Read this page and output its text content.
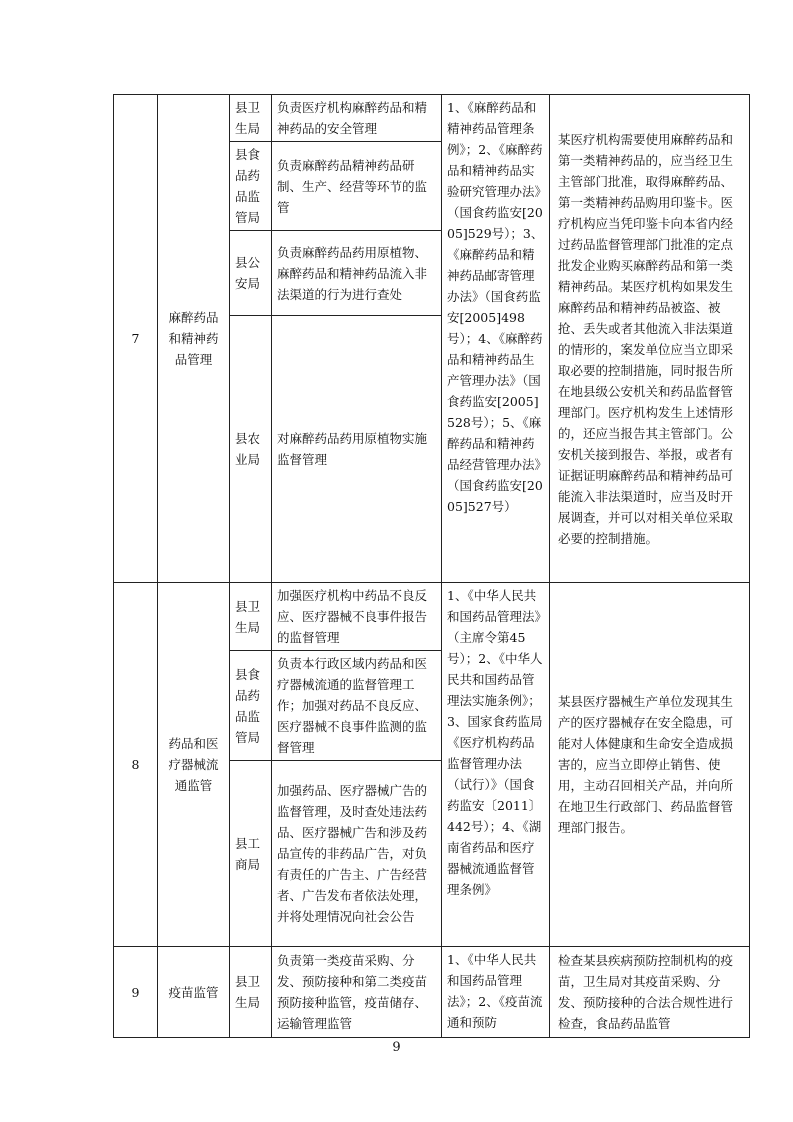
7	麻醉药品和精神药品管理	县卫生局	负责医疗机构麻醉药品和精神药品的安全管理	1、《麻醉药品和精神药品管理条例》；2、《麻醉药品和精神药品实验研究管理办法》（国食药监安[2005]529号）；3、《麻醉药品和精神药品邮寄管理办法》（国食药监安[2005]498号）；4、《麻醉药品和精神药品生产管理办法》（国食药监安[2005]528号）；5、《麻醉药品和精神药品经营管理办法》（国食药监安[2005]527号）	某医疗机构需要使用麻醉药品和第一类精神药品的，应当经卫生主管部门批准，取得麻醉药品、第一类精神药品购用印鉴卡。医疗机构应当凭印鉴卡向本省内经过药品监督管理部门批准的定点批发企业购买麻醉药品和第一类精神药品。某医疗机构如果发生麻醉药品和精神药品被盗、被抢、丢失或者其他流入非法渠道的情形的，案发单位应当立即采取必要的控制措施，同时报告所在地县级公安机关和药品监督管理部门。医疗机构发生上述情形的，还应当报告其主管部门。公安机关接到报告、举报，或者有证据证明麻醉药品和精神药品可能流入非法渠道时，应当及时开展调查，并可以对相关单位采取必要的控制措施。
		县食品药品监管局	负责麻醉药品精神药品研制、生产、经营等环节的监管		
		县公安局	负责麻醉药品药用原植物、麻醉药品和精神药品流入非法渠道的行为进行查处		
		县农业局	对麻醉药品药用原植物实施监督管理		
8	药品和医疗器械流通监管	县卫生局	加强医疗机构中药品不良反应、医疗器械不良事件报告的监督管理	1、《中华人民共和国药品管理法》（主席令第45号）；2、《中华人民共和国药品管理法实施条例》；3、国家食药监局《医疗机构药品监督管理办法（试行）》（国食药监安〔2011〕442号）；4、《湖南省药品和医疗器械流通监督管理条例》	某县医疗器械生产单位发现其生产的医疗器械存在安全隐患，可能对人体健康和生命安全造成损害的，应当立即停止销售、使用，主动召回相关产品，并向所在地卫生行政部门、药品监督管理部门报告。
		县食品药品监管局	负责本行政区域内药品和医疗器械流通的监督管理工作；加强对药品不良反应、医疗器械不良事件监测的监督管理		
		县工商局	加强药品、医疗器械广告的监督管理，及时查处违法药品、医疗器械广告和涉及药品宣传的非药品广告，对负有责任的广告主、广告经营者、广告发布者依法处理，并将处理情况向社会公告		
9	疫苗监管	县卫生局	负责第一类疫苗采购、分发、预防接种和第二类疫苗预防接种监管，疫苗储存、运输管理监管	1、《中华人民共和国药品管理法》；2、《疫苗流通和预防	检查某县疾病预防控制机构的疫苗，卫生局对其疫苗采购、分发、预防接种的合法合规性进行检查，食品药品监管
9
